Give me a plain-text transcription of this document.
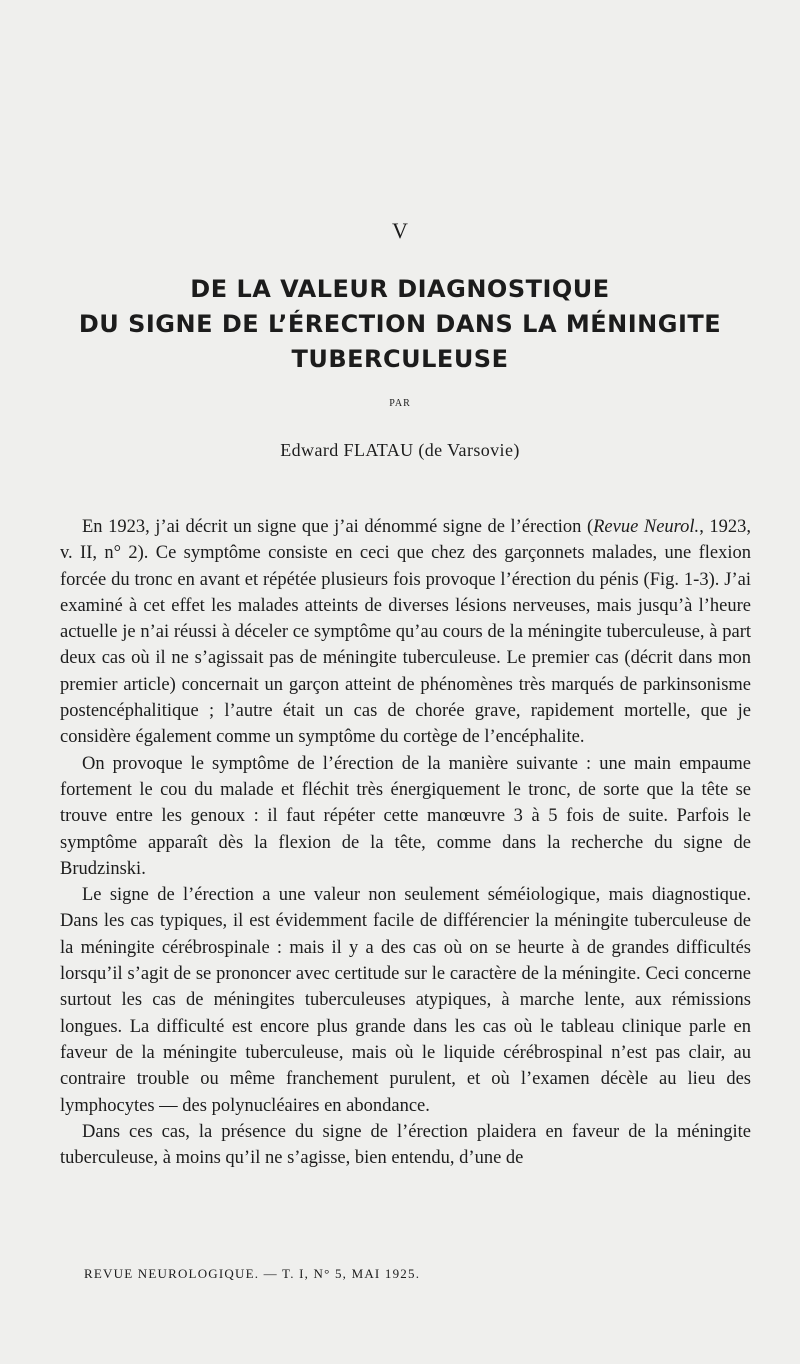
V
DE LA VALEUR DIAGNOSTIQUE
DU SIGNE DE L’ÉRECTION DANS LA MÉNINGITE
TUBERCULEUSE
PAR
Edward FLATAU (de Varsovie)

En 1923, j’ai décrit un signe que j’ai dénommé signe de l’érection (Revue Neurol., 1923, v. II, n° 2). Ce symptôme consiste en ceci que chez des garçonnets malades, une flexion forcée du tronc en avant et répétée plusieurs fois provoque l’érection du pénis (Fig. 1-3). J’ai examiné à cet effet les malades atteints de diverses lésions nerveuses, mais jusqu’à l’heure actuelle je n’ai réussi à déceler ce symptôme qu’au cours de la méningite tuberculeuse, à part deux cas où il ne s’agissait pas de méningite tuberculeuse. Le premier cas (décrit dans mon premier article) concernait un garçon atteint de phénomènes très marqués de parkinsonisme postencéphalitique ; l’autre était un cas de chorée grave, rapidement mortelle, que je considère également comme un symptôme du cortège de l’encéphalite.

On provoque le symptôme de l’érection de la manière suivante : une main empaume fortement le cou du malade et fléchit très énergiquement le tronc, de sorte que la tête se trouve entre les genoux : il faut répéter cette manœuvre 3 à 5 fois de suite. Parfois le symptôme apparaît dès la flexion de la tête, comme dans la recherche du signe de Brudzinski.

Le signe de l’érection a une valeur non seulement séméiologique, mais diagnostique. Dans les cas typiques, il est évidemment facile de différencier la méningite tuberculeuse de la méningite cérébrospinale : mais il y a des cas où on se heurte à de grandes difficultés lorsqu’il s’agit de se prononcer avec certitude sur le caractère de la méningite. Ceci concerne surtout les cas de méningites tuberculeuses atypiques, à marche lente, aux rémissions longues. La difficulté est encore plus grande dans les cas où le tableau clinique parle en faveur de la méningite tuberculeuse, mais où le liquide cérébrospinal n’est pas clair, au contraire trouble ou même franchement purulent, et où l’examen décèle au lieu des lymphocytes — des polynucléaires en abondance.

Dans ces cas, la présence du signe de l’érection plaidera en faveur de la méningite tuberculeuse, à moins qu’il ne s’agisse, bien entendu, d’une de

REVUE NEUROLOGIQUE. — T. I, N° 5, MAI 1925.
